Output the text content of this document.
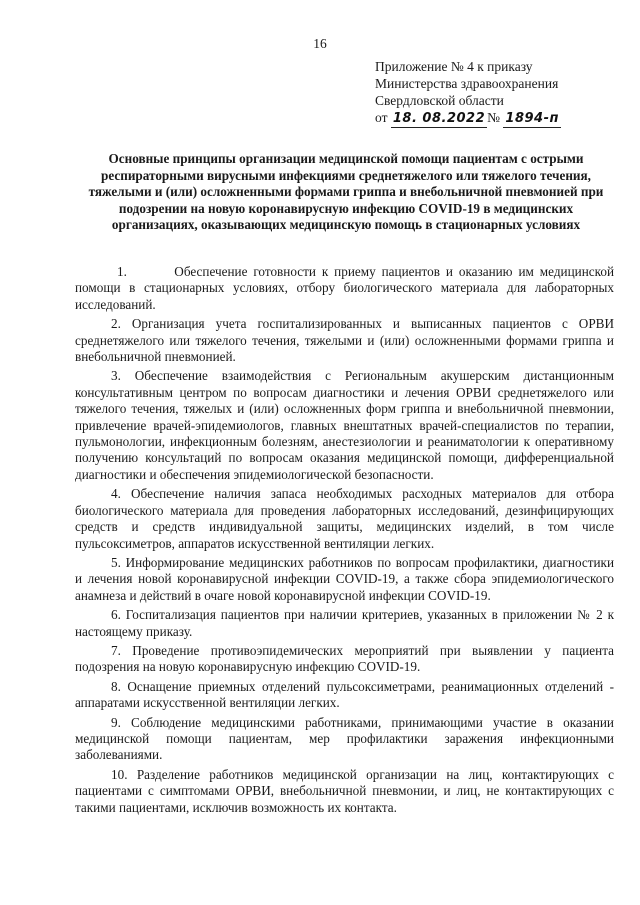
16
Приложение № 4 к приказу
Министерства здравоохранения
Свердловской области
от 18. 08.2022 № 1894-п
Основные принципы организации медицинской помощи пациентам с острыми респираторными вирусными инфекциями среднетяжелого или тяжелого течения, тяжелыми и (или) осложненными формами гриппа и внебольничной пневмонией при подозрении на новую коронавирусную инфекцию COVID-19 в медицинских организациях, оказывающих медицинскую помощь в стационарных условиях

1.        Обеспечение готовности к приему пациентов и оказанию им медицинской помощи в стационарных условиях, отбору биологического материала для лабораторных исследований.

2. Организация учета госпитализированных и выписанных пациентов с ОРВИ среднетяжелого или тяжелого течения, тяжелыми и (или) осложненными формами гриппа и внебольничной пневмонией.

3. Обеспечение взаимодействия с Региональным акушерским дистанционным консультативным центром по вопросам диагностики и лечения ОРВИ среднетяжелого или тяжелого течения, тяжелых и (или) осложненных форм гриппа и внебольничной пневмонии, привлечение врачей-эпидемиологов, главных внештатных врачей-специалистов по терапии, пульмонологии, инфекционным болезням, анестезиологии и реаниматологии к оперативному получению консультаций по вопросам оказания медицинской помощи, дифференциальной диагностики и обеспечения эпидемиологической безопасности.

4. Обеспечение наличия запаса необходимых расходных материалов для отбора биологического материала для проведения лабораторных исследований, дезинфицирующих средств и средств индивидуальной защиты, медицинских изделий, в том числе пульсоксиметров, аппаратов искусственной вентиляции легких.

5. Информирование медицинских работников по вопросам профилактики, диагностики и лечения новой коронавирусной инфекции COVID-19, а также сбора эпидемиологического анамнеза и действий в очаге новой коронавирусной инфекции COVID-19.

6. Госпитализация пациентов при наличии критериев, указанных в приложении № 2 к настоящему приказу.

7. Проведение противоэпидемических мероприятий при выявлении у пациента подозрения на новую коронавирусную инфекцию COVID-19.

8. Оснащение приемных отделений пульсоксиметрами, реанимационных отделений - аппаратами искусственной вентиляции легких.

9. Соблюдение медицинскими работниками, принимающими участие в оказании медицинской помощи пациентам, мер профилактики заражения инфекционными заболеваниями.

10. Разделение работников медицинской организации на лиц, контактирующих с пациентами с симптомами ОРВИ, внебольничной пневмонии, и лиц, не контактирующих с такими пациентами, исключив возможность их контакта.
